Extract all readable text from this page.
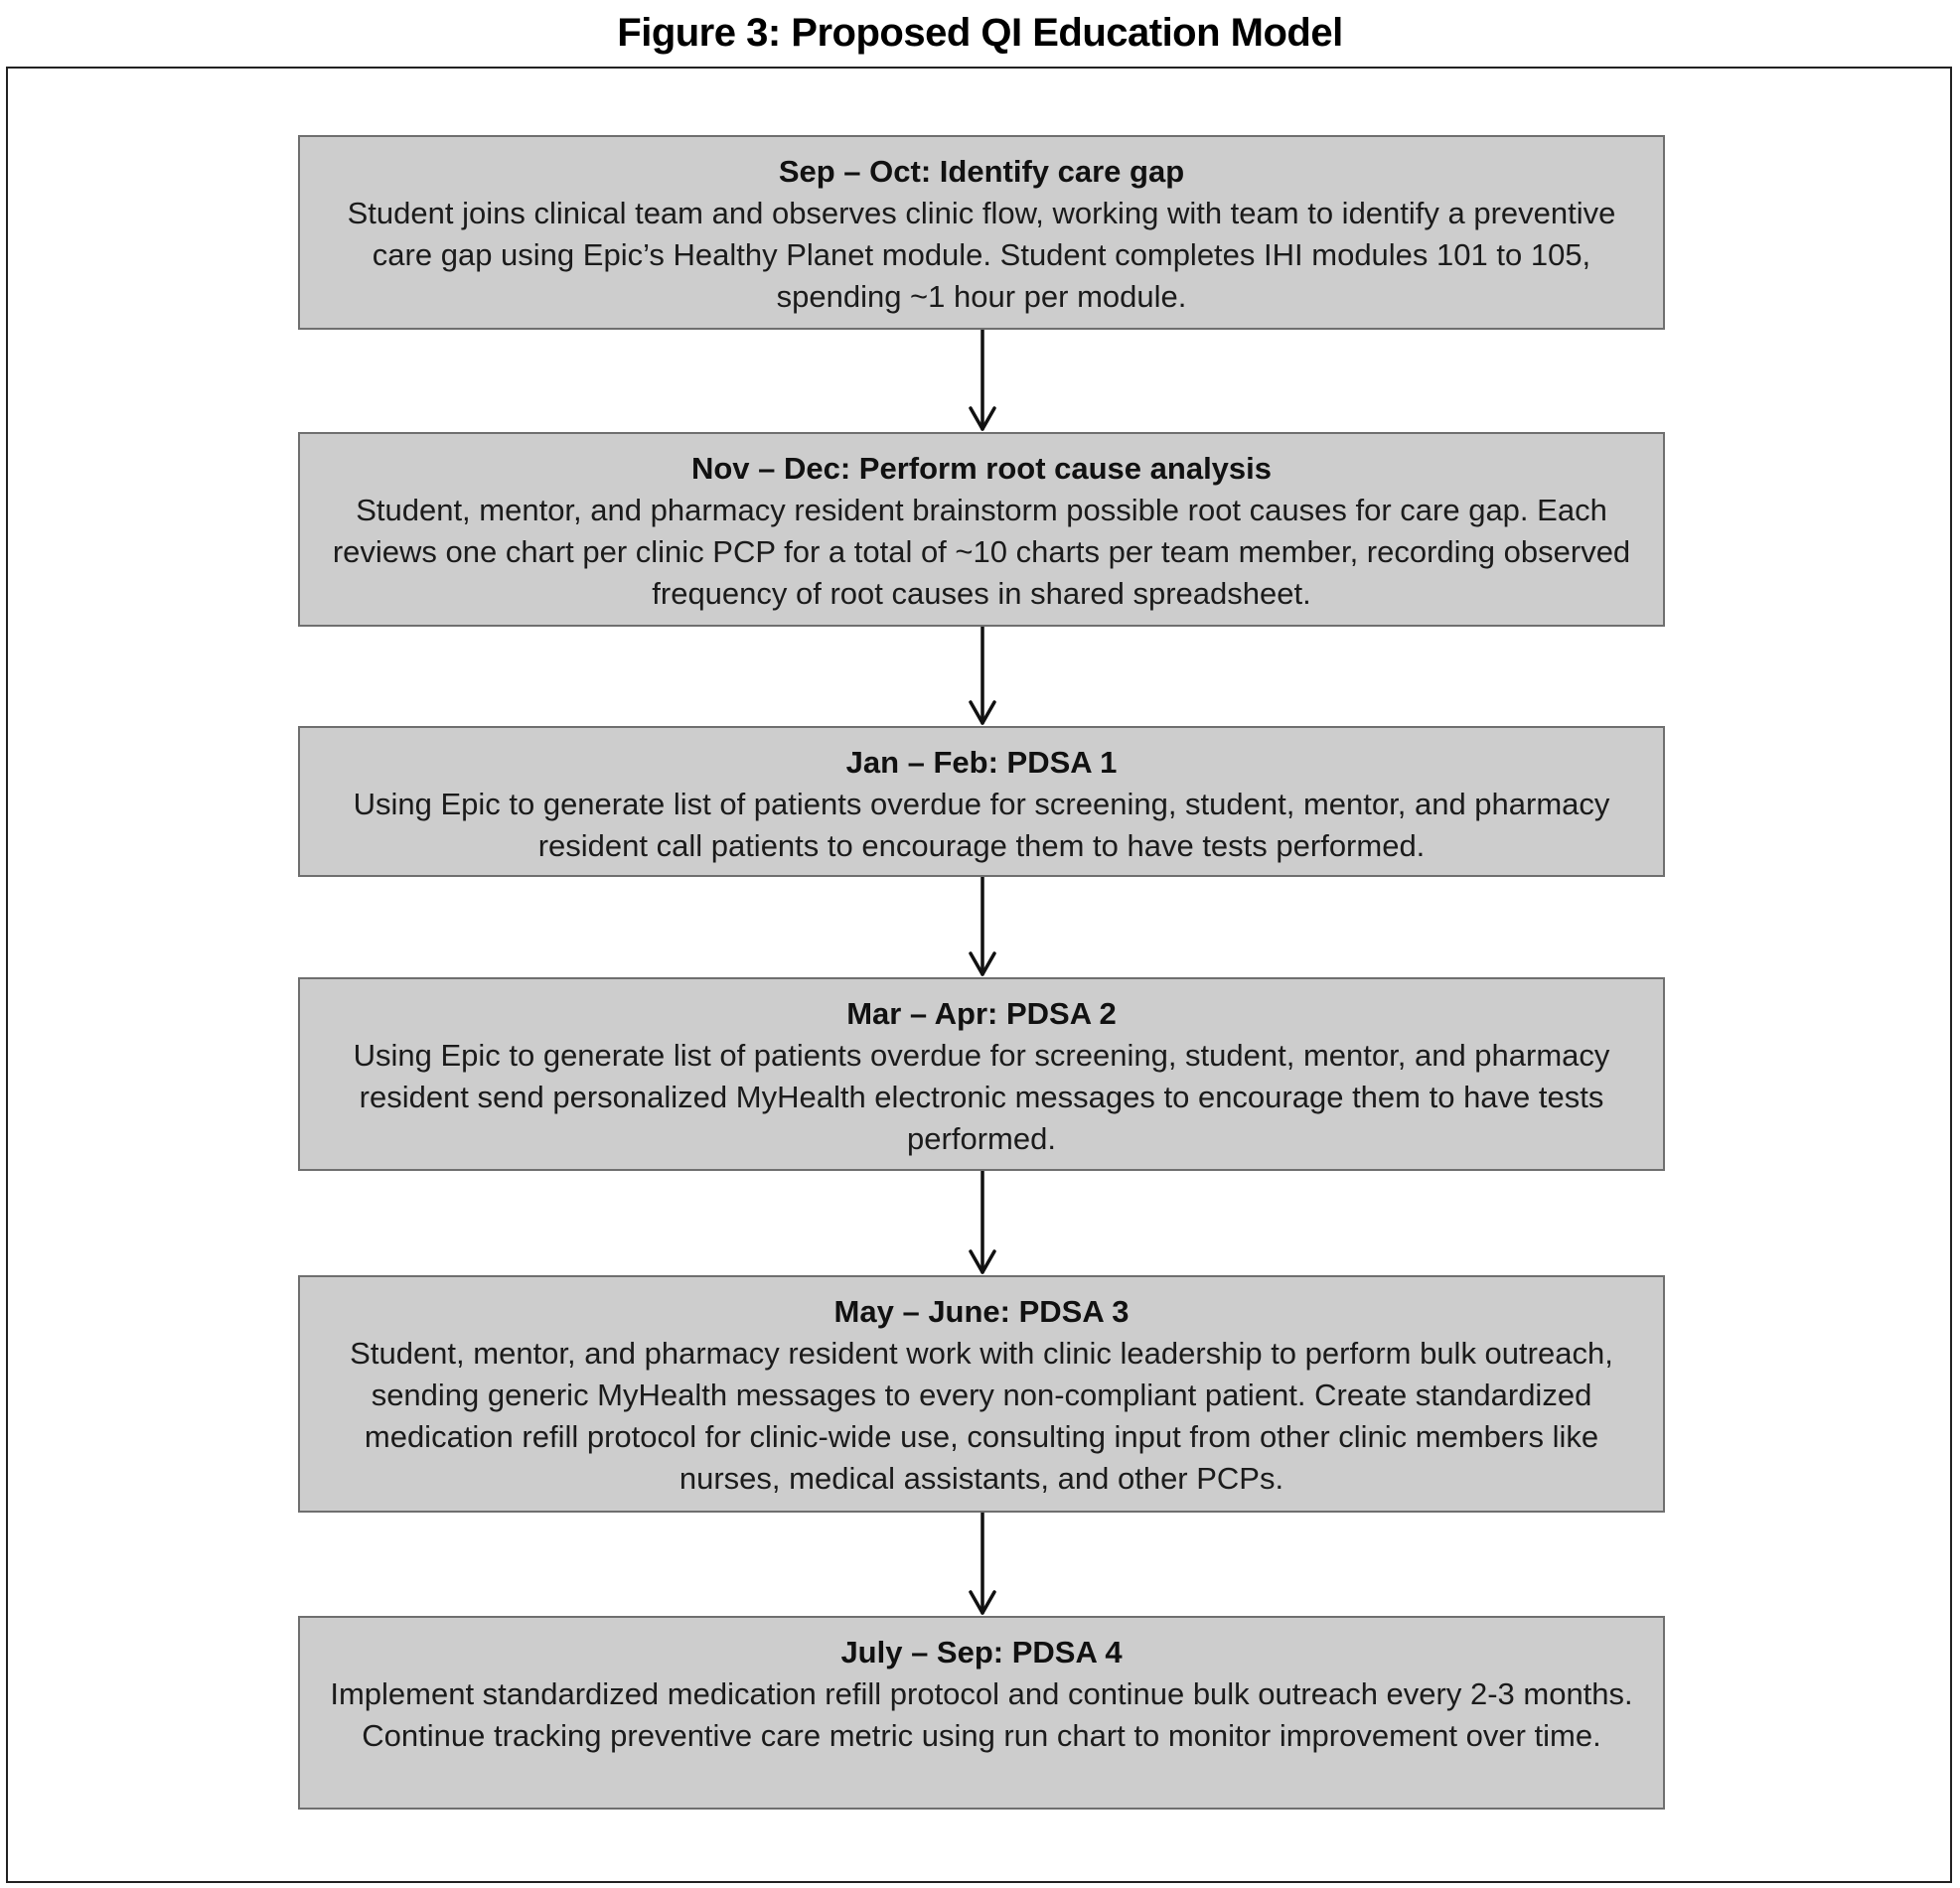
Figure 3: Proposed QI Education Model
Sep – Oct: Identify care gap
Student joins clinical team and observes clinic flow, working with team to identify a preventive care gap using Epic’s Healthy Planet module. Student completes IHI modules 101 to 105, spending ~1 hour per module.
Nov – Dec: Perform root cause analysis
Student, mentor, and pharmacy resident brainstorm possible root causes for care gap. Each reviews one chart per clinic PCP for a total of ~10 charts per team member, recording observed frequency of root causes in shared spreadsheet.
Jan – Feb: PDSA 1
Using Epic to generate list of patients overdue for screening, student, mentor, and pharmacy resident call patients to encourage them to have tests performed.
Mar – Apr: PDSA 2
Using Epic to generate list of patients overdue for screening, student, mentor, and pharmacy resident send personalized MyHealth electronic messages to encourage them to have tests performed.
May – June: PDSA 3
Student, mentor, and pharmacy resident work with clinic leadership to perform bulk outreach, sending generic MyHealth messages to every non-compliant patient. Create standardized medication refill protocol for clinic-wide use, consulting input from other clinic members like nurses, medical assistants, and other PCPs.
July – Sep: PDSA 4
Implement standardized medication refill protocol and continue bulk outreach every 2-3 months. Continue tracking preventive care metric using run chart to monitor improvement over time.
